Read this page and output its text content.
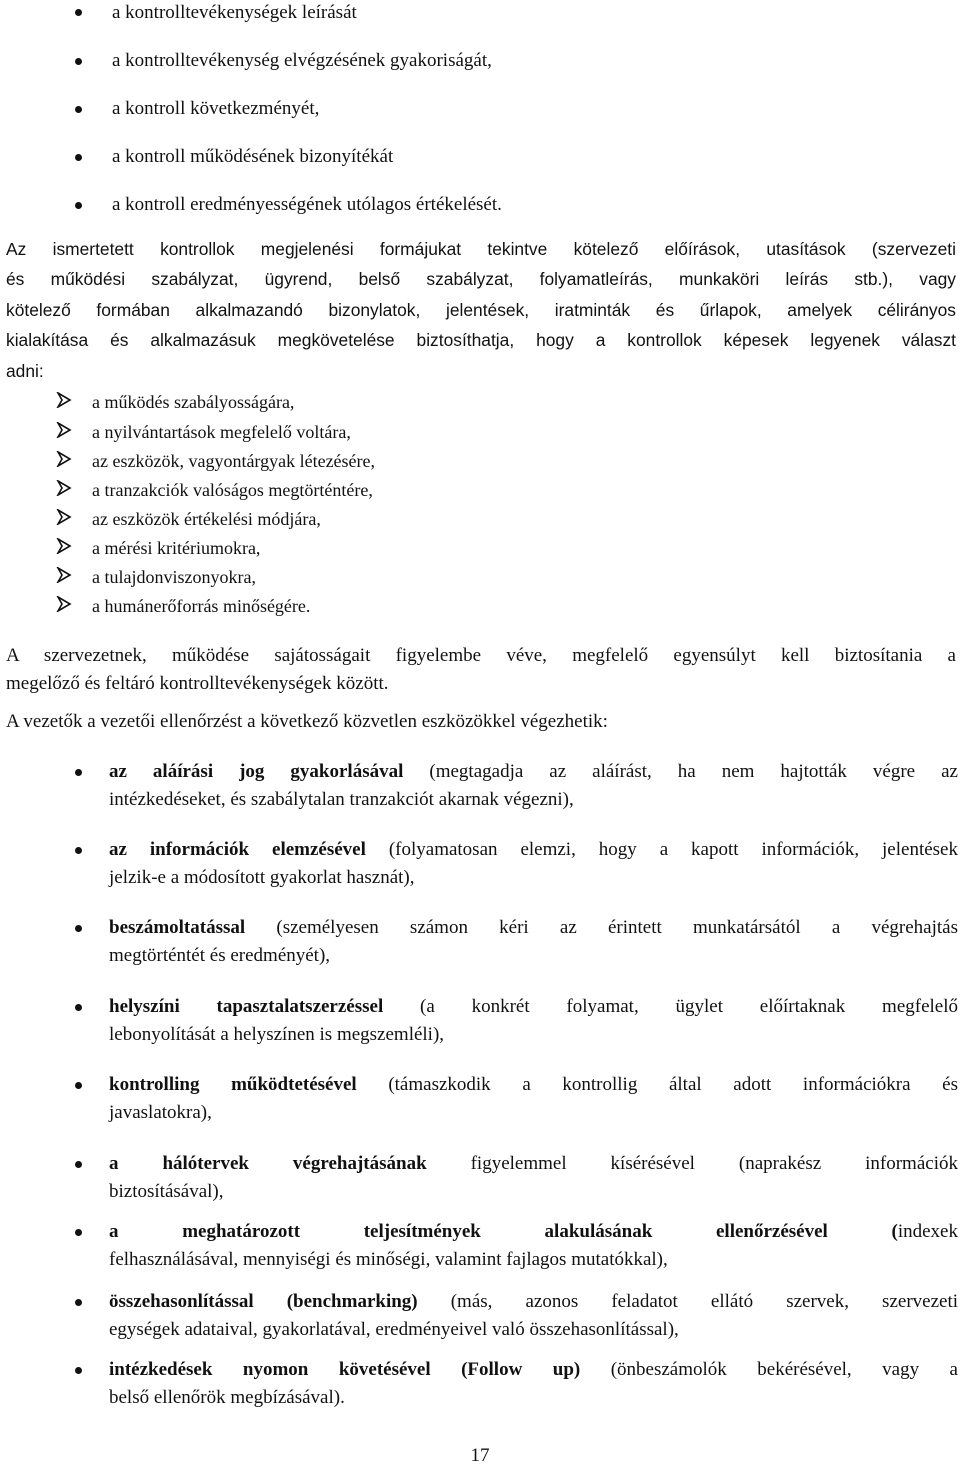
a kontrolltevékenységek leírását
a kontrolltevékenység elvégzésének gyakoriságát,
a kontroll következményét,
a kontroll működésének bizonyítékát
a kontroll eredményességének utólagos értékelését.
Az ismertetett kontrollok megjelenési formájukat tekintve kötelező előírások, utasítások (szervezeti
és működési szabályzat, ügyrend, belső szabályzat, folyamatleírás, munkaköri leírás stb.), vagy
kötelező formában alkalmazandó bizonylatok, jelentések, iratminták és űrlapok, amelyek célirányos
kialakítása és alkalmazásuk megkövetelése biztosíthatja, hogy a kontrollok képesek legyenek választ
adni:
a működés szabályosságára,
a nyilvántartások megfelelő voltára,
az eszközök, vagyontárgyak létezésére,
a tranzakciók valóságos megtörténtére,
az eszközök értékelési módjára,
a mérési kritériumokra,
a tulajdonviszonyokra,
a humánerőforrás minőségére.
A szervezetnek, működése sajátosságait figyelembe véve, megfelelő egyensúlyt kell biztosítania a
megelőző és feltáró kontrolltevékenységek között.
A vezetők a vezetői ellenőrzést a következő közvetlen eszközökkel végezhetik:
az aláírási jog gyakorlásával (megtagadja az aláírást, ha nem hajtották végre az
intézkedéseket, és szabálytalan tranzakciót akarnak végezni),
az információk elemzésével (folyamatosan elemzi, hogy a kapott információk, jelentések
jelzik-e a módosított gyakorlat hasznát),
beszámoltatással (személyesen számon kéri az érintett munkatársától a végrehajtás
megtörténtét és eredményét),
helyszíni tapasztalatszerzéssel (a konkrét folyamat, ügylet előírtaknak megfelelő
lebonyolítását a helyszínen is megszemléli),
kontrolling működtetésével (támaszkodik a kontrollig által adott információkra és
javaslatokra),
a hálótervek végrehajtásának figyelemmel kísérésével (naprakész információk
biztosításával),
a meghatározott teljesítmények alakulásának ellenőrzésével (indexek
felhasználásával, mennyiségi és minőségi, valamint fajlagos mutatókkal),
összehasonlítással (benchmarking) (más, azonos feladatot ellátó szervek, szervezeti
egységek adataival, gyakorlatával, eredményeivel való összehasonlítással),
intézkedések nyomon követésével (Follow up) (önbeszámolók bekérésével, vagy a
belső ellenőrök megbízásával).
17
